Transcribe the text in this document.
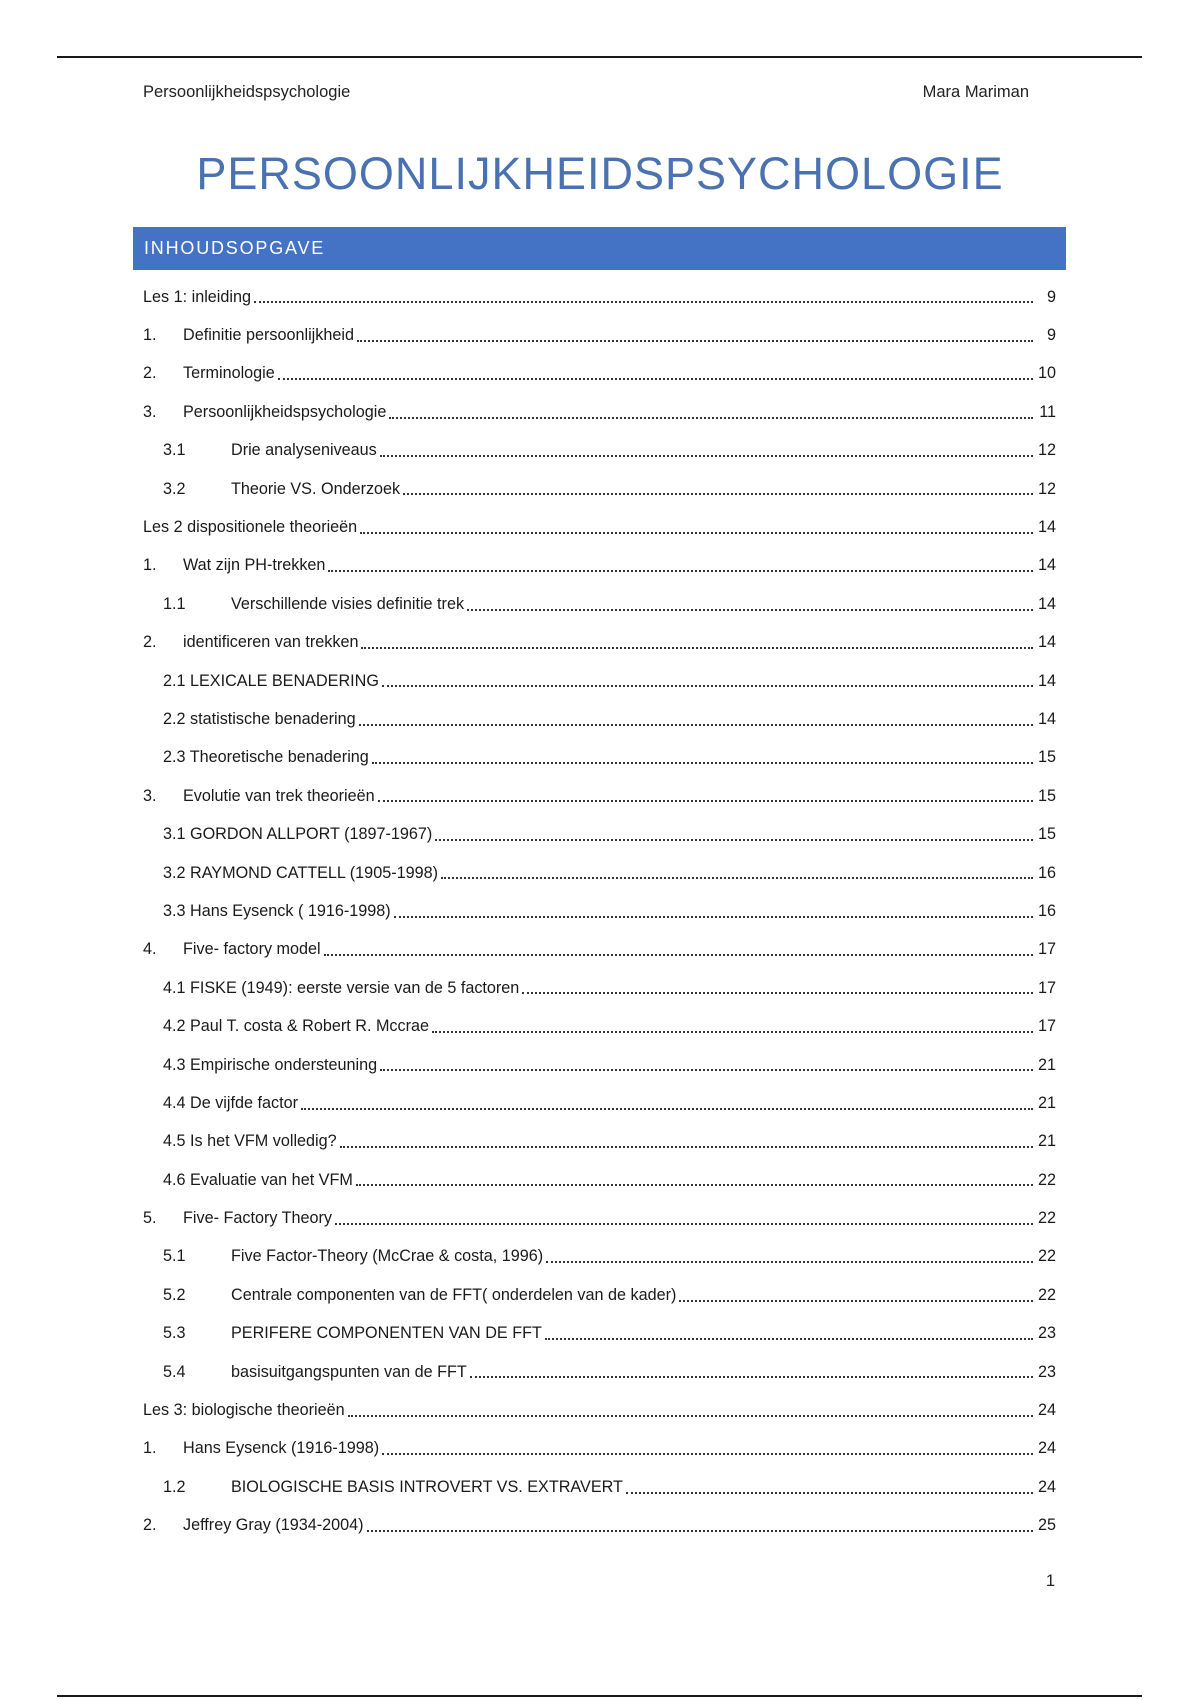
Persoonlijkheidspsychologie	Mara Mariman
PERSOONLIJKHEIDSPSYCHOLOGIE
INHOUDSOPGAVE
Les 1: inleiding	9
1.	Definitie persoonlijkheid	9
2.	Terminologie	10
3.	Persoonlijkheidspsychologie	11
3.1	Drie analyseniveaus	12
3.2	Theorie VS. Onderzoek	12
Les 2 dispositionele theorieën	14
1.	Wat zijn PH-trekken	14
1.1	Verschillende visies definitie trek	14
2.	identificeren van trekken	14
2.1 LEXICALE BENADERING	14
2.2 statistische benadering	14
2.3 Theoretische benadering	15
3.	Evolutie van trek theorieën	15
3.1 GORDON ALLPORT (1897-1967)	15
3.2 RAYMOND CATTELL (1905-1998)	16
3.3 Hans Eysenck ( 1916-1998)	16
4.	Five- factory model	17
4.1 FISKE (1949): eerste versie van de 5 factoren	17
4.2 Paul T. costa & Robert R. Mccrae	17
4.3 Empirische ondersteuning	21
4.4 De vijfde factor	21
4.5 Is het VFM volledig?	21
4.6 Evaluatie van het VFM	22
5.	Five- Factory Theory	22
5.1	Five Factor-Theory (McCrae & costa, 1996)	22
5.2	Centrale componenten van de FFT( onderdelen van de kader)	22
5.3	PERIFERE COMPONENTEN VAN DE FFT	23
5.4	basisuitgangspunten van de FFT	23
Les 3: biologische theorieën	24
1.	Hans Eysenck (1916-1998)	24
1.2	BIOLOGISCHE BASIS INTROVERT VS. EXTRAVERT	24
2.	Jeffrey Gray (1934-2004)	25
1
